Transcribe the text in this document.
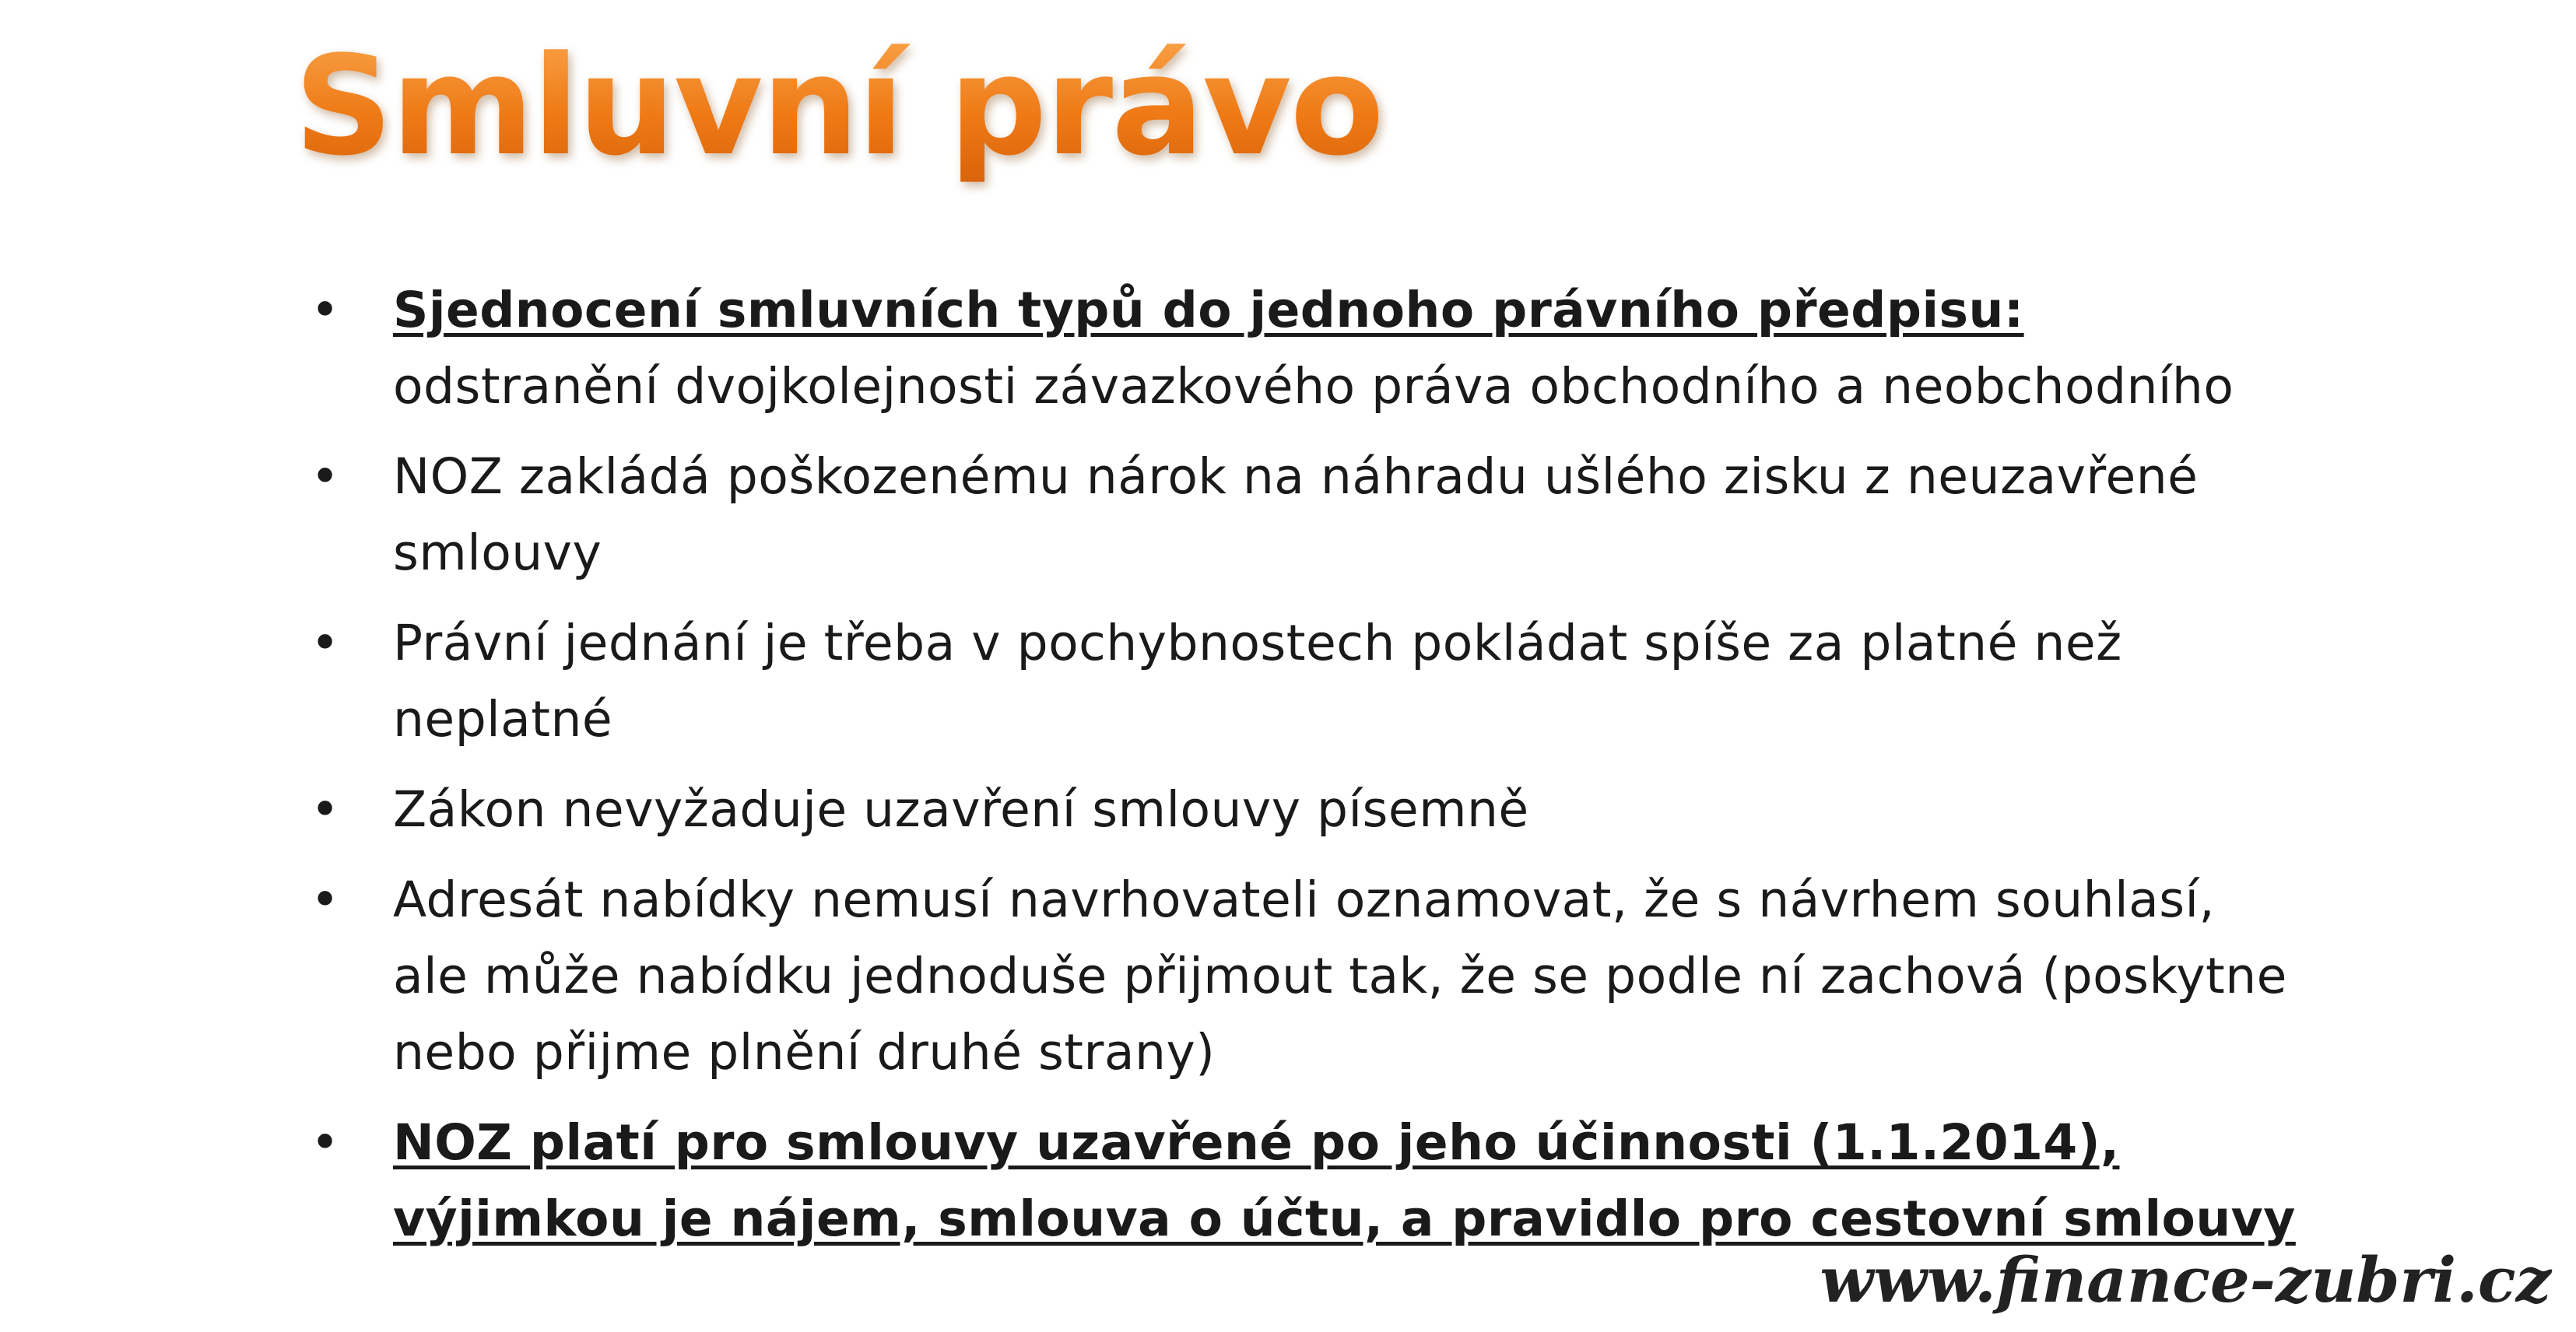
Smluvní právo
• Sjednocení smluvních typů do jednoho právního předpisu: odstranění dvojkolejnosti závazkového práva obchodního a neobchodního
• NOZ zakládá poškozenému nárok na náhradu ušlého zisku z neuzavřené smlouvy
• Právní jednání je třeba v pochybnostech pokládat spíše za platné než neplatné
• Zákon nevyžaduje uzavření smlouvy písemně
• Adresát nabídky nemusí navrhovateli oznamovat, že s návrhem souhlasí, ale může nabídku jednoduše přijmout tak, že se podle ní zachová (poskytne nebo přijme plnění druhé strany)
• NOZ platí pro smlouvy uzavřené po jeho účinnosti (1.1.2014), výjimkou je nájem, smlouva o účtu, a pravidlo pro cestovní smlouvy
www.finance-zubri.cz
